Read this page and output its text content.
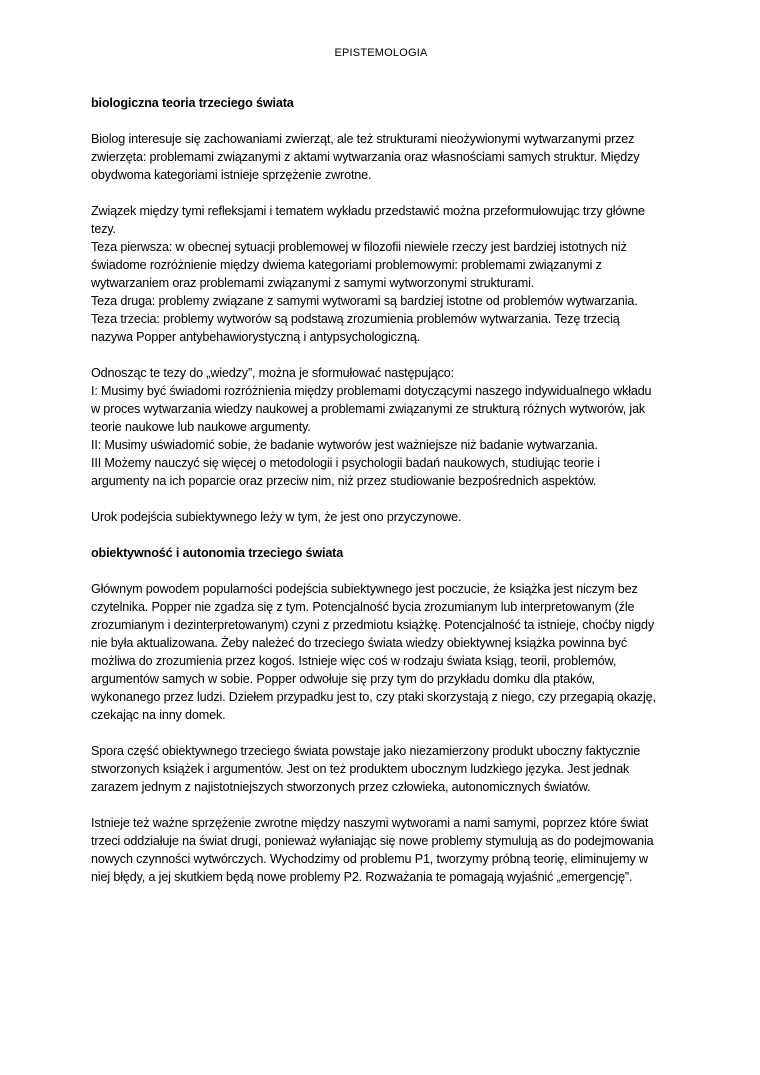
EPISTEMOLOGIA
biologiczna teoria trzeciego świata
Biolog interesuje się zachowaniami zwierząt, ale też strukturami nieożywionymi wytwarzanymi przez
zwierzęta: problemami związanymi z aktami wytwarzania oraz własnościami samych struktur. Między
obydwoma kategoriami istnieje sprzężenie zwrotne.
Związek między tymi refleksjami i tematem wykładu przedstawić można przeformułowując trzy główne
tezy.
Teza pierwsza: w obecnej sytuacji problemowej w filozofii niewiele rzeczy jest bardziej istotnych niż
świadome rozróżnienie między dwiema kategoriami problemowymi: problemami związanymi z
wytwarzaniem oraz problemami związanymi z samymi wytworzonymi strukturami.
Teza druga: problemy związane z samymi wytworami są bardziej istotne od problemów wytwarzania.
Teza trzecia: problemy wytworów są podstawą zrozumienia problemów wytwarzania. Tezę trzecią
nazywa Popper antybehawiorystyczną i antypsychologiczną.
Odnosząc te tezy do „wiedzy”, można je sformułować następująco:
I: Musimy być świadomi rozróżnienia między problemami dotyczącymi naszego indywidualnego wkładu
w proces wytwarzania wiedzy naukowej a problemami związanymi ze strukturą różnych wytworów, jak
teorie naukowe lub naukowe argumenty.
II: Musimy uświadomić sobie, że badanie wytworów jest ważniejsze niż badanie wytwarzania.
III Możemy nauczyć się więcej o metodologii i psychologii badań naukowych, studiując teorie i
argumenty na ich poparcie oraz przeciw nim, niż przez studiowanie bezpośrednich aspektów.
Urok podejścia subiektywnego leży w tym, że jest ono przyczynowe.
obiektywność i autonomia trzeciego świata
Głównym powodem popularności podejścia subiektywnego jest poczucie, że książka jest niczym bez
czytelnika. Popper nie zgadza się z tym. Potencjalność bycia zrozumianym lub interpretowanym (źle
zrozumianym i dezinterpretowanym) czyni z przedmiotu książkę. Potencjalność ta istnieje, choćby nigdy
nie była aktualizowana. Żeby należeć do trzeciego świata wiedzy obiektywnej książka powinna być
możliwa do zrozumienia przez kogoś. Istnieje więc coś w rodzaju świata ksiąg, teorii, problemów,
argumentów samych w sobie. Popper odwołuje się przy tym do przykładu domku dla ptaków,
wykonanego przez ludzi. Dziełem przypadku jest to, czy ptaki skorzystają z niego, czy przegapią okazję,
czekając na inny domek.
Spora część obiektywnego trzeciego świata powstaje jako niezamierzony produkt uboczny faktycznie
stworzonych książek i argumentów. Jest on też produktem ubocznym ludzkiego języka. Jest jednak
zarazem jednym z najistotniejszych stworzonych przez człowieka, autonomicznych światów.
Istnieje też ważne sprzężenie zwrotne między naszymi wytworami a nami samymi, poprzez które świat
trzeci oddziałuje na świat drugi, ponieważ wyłaniając się nowe problemy stymulują as do podejmowania
nowych czynności wytwórczych. Wychodzimy od problemu P1, tworzymy próbną teorię, eliminujemy w
niej błędy, a jej skutkiem będą nowe problemy P2. Rozważania te pomagają wyjaśnić „emergencję”.
